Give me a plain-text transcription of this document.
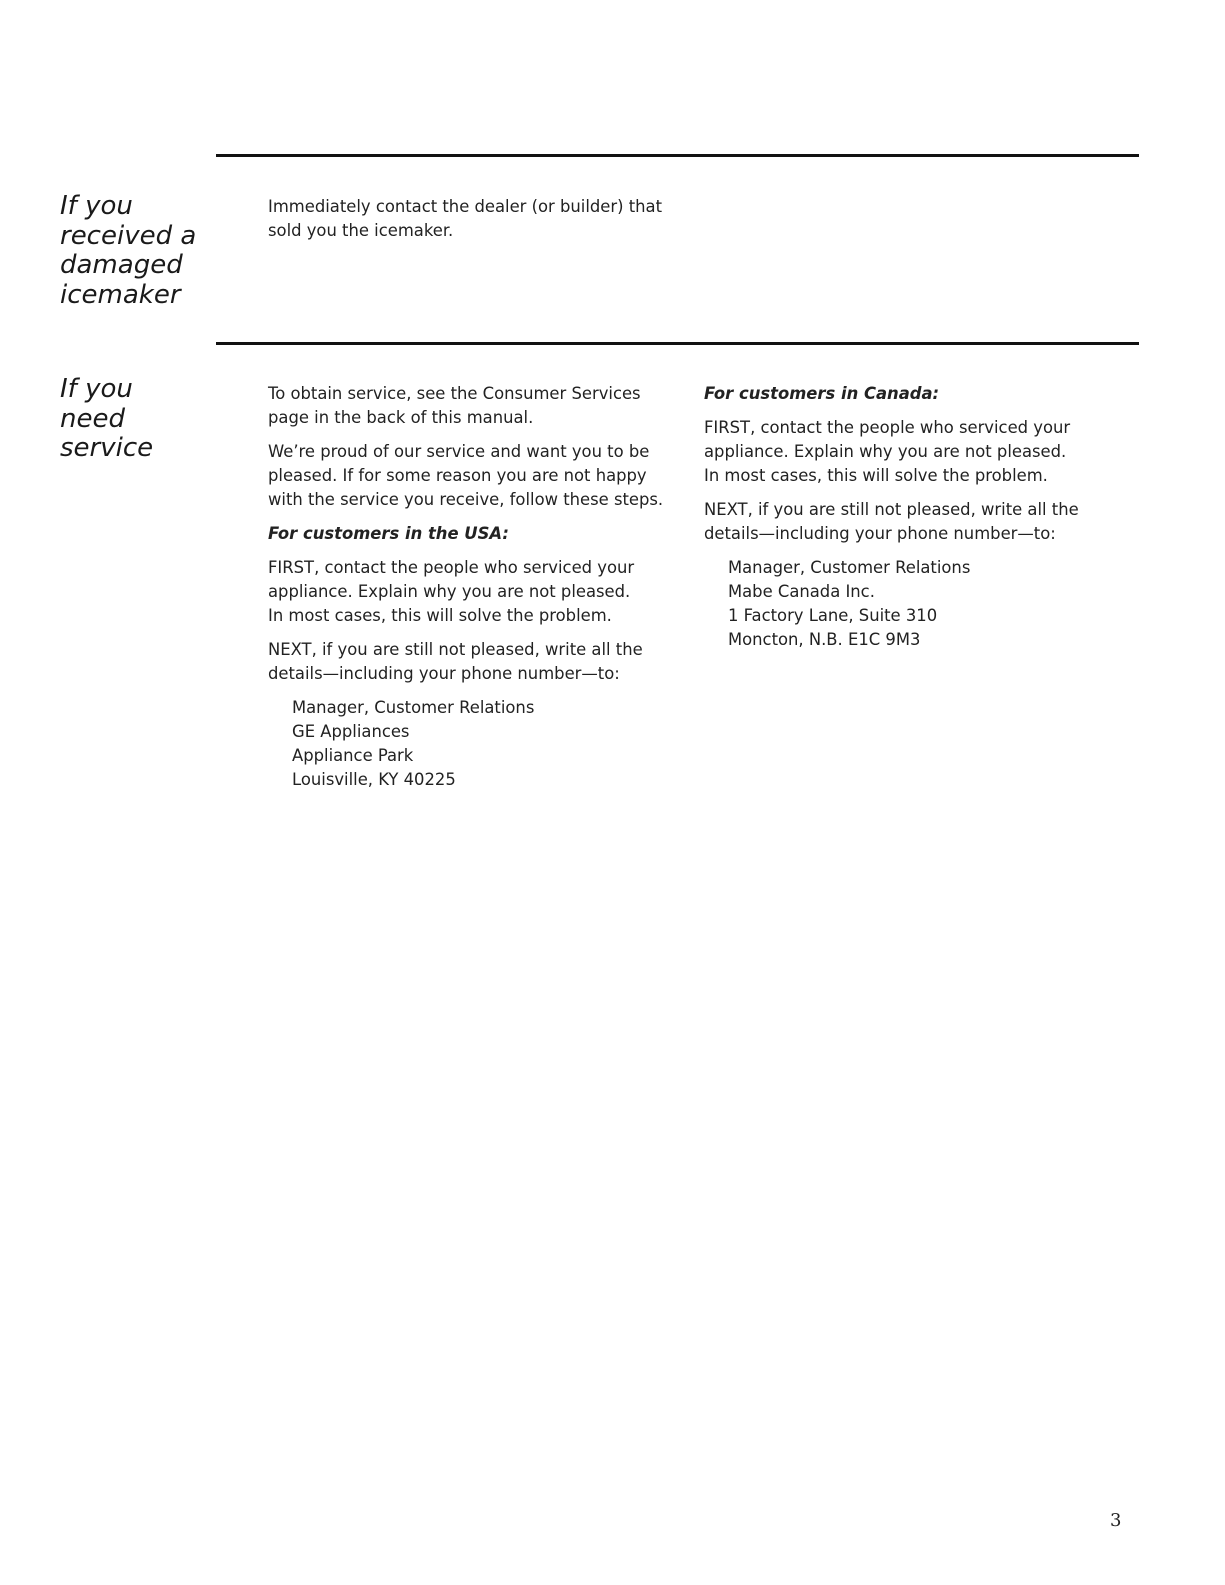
If you
received a
damaged
icemaker
Immediately contact the dealer (or builder) that
sold you the icemaker.
If you
need
service

To obtain service, see the Consumer Services
page in the back of this manual.

We’re proud of our service and want you to be
pleased. If for some reason you are not happy
with the service you receive, follow these steps.

For customers in the USA:

FIRST, contact the people who serviced your
appliance. Explain why you are not pleased.
In most cases, this will solve the problem.

NEXT, if you are still not pleased, write all the
details—including your phone number—to:

Manager, Customer Relations
GE Appliances
Appliance Park
Louisville, KY 40225
For customers in Canada:

FIRST, contact the people who serviced your
appliance. Explain why you are not pleased.
In most cases, this will solve the problem.

NEXT, if you are still not pleased, write all the
details—including your phone number—to:

Manager, Customer Relations
Mabe Canada Inc.
1 Factory Lane, Suite 310
Moncton, N.B. E1C 9M3
3
